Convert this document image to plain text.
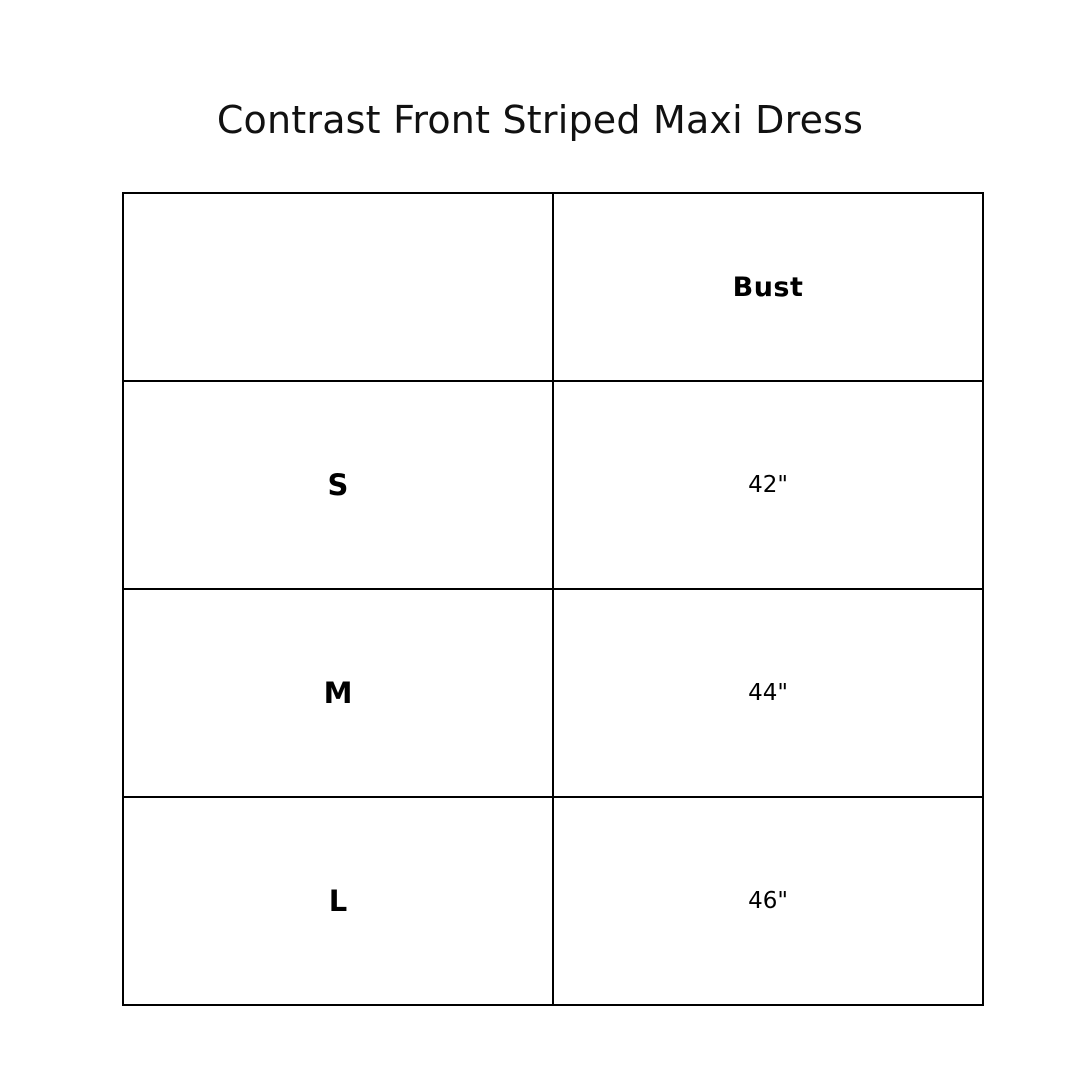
Contrast Front Striped Maxi Dress
	Bust
S	42"
M	44"
L	46"
